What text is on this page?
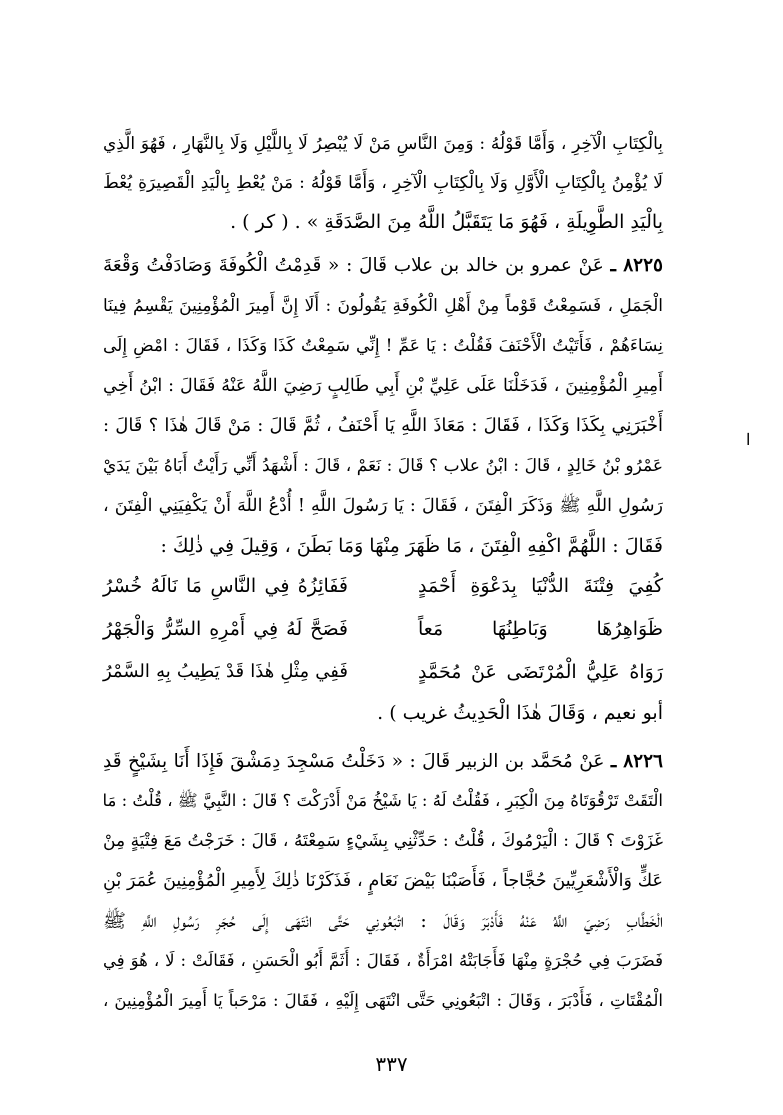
بِالْكِتَابِ الْآخِرِ ، وَأَمَّا قَوْلُهُ : وَمِنَ النَّاسِ مَنْ لَا يُبْصِرُ لَا بِاللَّيْلِ وَلَا بِالنَّهَارِ ، فَهُوَ الَّذِي
لَا يُؤْمِنُ بِالْكِتَابِ الْأَوَّلِ وَلَا بِالْكِتَابِ الْآخِرِ ، وَأَمَّا قَوْلُهُ : مَنْ يُعْطِ بِالْيَدِ الْقَصِيرَةِ يُعْطَ
بِالْيَدِ الطَّوِيلَةِ ، فَهُوَ مَا يَتَقَبَّلُ اللَّهُ مِنَ الصَّدَقَةِ » . ( كر ) .
٨٢٢٥ ـ عَنْ عمرو بن خالد بن علاب قَالَ : « قَدِمْتُ الْكُوفَةَ وَصَادَفْتُ وَقْعَةَ
الْجَمَلِ ، فَسَمِعْتُ قَوْماً مِنْ أَهْلِ الْكُوفَةِ يَقُولُونَ : أَلَا إِنَّ أَمِيرَ الْمُؤْمِنِينَ يَقْسِمُ فِينَا
نِسَاءَهُمْ ، فَأَتَيْتُ الْأَحْنَفَ فَقُلْتُ : يَا عَمِّ ! إِنِّي سَمِعْتُ كَذَا وَكَذَا ، فَقَالَ : امْضِ إِلَى
أَمِيرِ الْمُؤْمِنِينَ ، فَدَخَلْنَا عَلَى عَلِيِّ بْنِ أَبِي طَالِبٍ رَضِيَ اللَّهُ عَنْهُ فَقَالَ : ابْنُ أَخِي
أَخْبَرَنِي بِكَذَا وَكَذَا ، فَقَالَ : مَعَاذَ اللَّهِ يَا أَحْنَفُ ، ثُمَّ قَالَ : مَنْ قَالَ هٰذَا ؟ قَالَ :
عَمْرُو بْنُ خَالِدٍ ، قَالَ : ابْنُ علاب ؟ قَالَ : نَعَمْ ، قَالَ : أَشْهَدُ أَنِّي رَأَيْتُ أَبَاهُ بَيْنَ يَدَيْ
رَسُولِ اللَّهِ ﷺ وَذَكَرَ الْفِتَنَ ، فَقَالَ : يَا رَسُولَ اللَّهِ ! أُدْعُ اللَّهَ أَنْ يَكْفِيَنِي الْفِتَنَ ،
فَقَالَ : اللَّهُمَّ اكْفِهِ الْفِتَنَ ، مَا ظَهَرَ مِنْهَا وَمَا بَطَنَ ، وَقِيلَ فِي ذٰلِكَ :
كُفِيَ فِتْنَةَ الدُّنْيَا بِدَعْوَةِ أَحْمَدٍ
فَفَائِزُهُ فِي النَّاسِ مَا نَالَهُ خُسْرُ
ظَوَاهِرُهَا وَبَاطِنُهَا مَعاً
فَصَحَّ لَهُ فِي أَمْرِهِ السِّرُّ وَالْجَهْرُ
رَوَاهُ عَلِيُّ الْمُرْتَضَى عَنْ مُحَمَّدٍ
فَفِي مِثْلِ هٰذَا قَدْ يَطِيبُ بِهِ السَّمْرُ
أبو نعيم ، وَقَالَ هٰذَا الْحَدِيثُ غريب ) .
٨٢٢٦ ـ عَنْ مُحَمَّد بن الزبير قَالَ : « دَخَلْتُ مَسْجِدَ دِمَشْقَ فَإِذَا أَنَا بِشَيْخٍ قَدِ
الْتَقَتْ تَرْقُوَتَاهُ مِنَ الْكِبَرِ ، فَقُلْتُ لَهُ : يَا شَيْخُ مَنْ أَدْرَكْتَ ؟ قَالَ : النَّبِيَّ ﷺ ، قُلْتُ : مَا
غَزَوْتَ ؟ قَالَ : الْيَرْمُوكَ ، قُلْتُ : حَدِّثْنِي بِشَيْءٍ سَمِعْتَهُ ، قَالَ : خَرَجْتُ مَعَ فِتْيَةٍ مِنْ
عَكٍّ وَالْأَشْعَرِيِّينَ حُجَّاجاً ، فَأَصَبْنَا بَيْضَ نَعَامٍ ، فَذَكَرْنَا ذٰلِكَ لِأَمِيرِ الْمُؤْمِنِينَ عُمَرَ بْنِ
الْخَطَّابِ رَضِيَ اللَّهُ عَنْهُ فَأَدْبَرَ وَقَالَ : اتْبَعُونِي حَتَّى انْتَهَى إِلَى حُجَرِ رَسُولِ اللَّهِ ﷺ
فَضَرَبَ فِي حُجْرَةٍ مِنْهَا فَأَجَابَتْهُ امْرَأَةٌ ، فَقَالَ : أَثَمَّ أَبُو الْحَسَنِ ، فَقَالَتْ : لَا ، هُوَ فِي
الْمُقْتَاتِ ، فَأَدْبَرَ ، وَقَالَ : اتْبَعُونِي حَتَّى انْتَهَى إِلَيْهِ ، فَقَالَ : مَرْحَباً يَا أَمِيرَ الْمُؤْمِنِينَ ،
ا
٣٣٧
